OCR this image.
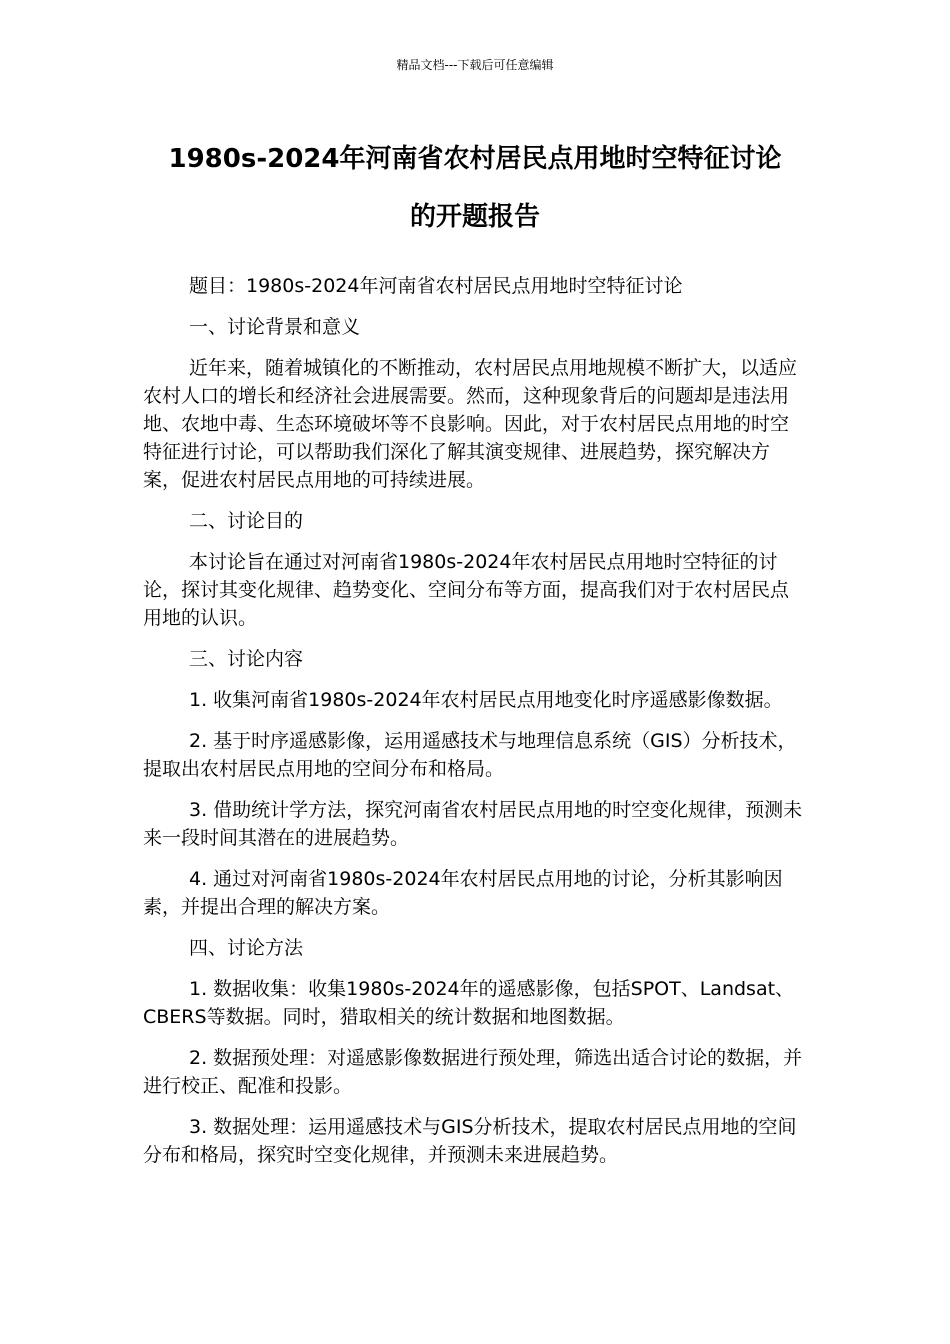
精品文档---下载后可任意编辑
1980s-2024年河南省农村居民点用地时空特征讨论
的开题报告

题目：1980s-2024年河南省农村居民点用地时空特征讨论

一、讨论背景和意义

近年来，随着城镇化的不断推动，农村居民点用地规模不断扩大，以适应农村人口的增长和经济社会进展需要。然而，这种现象背后的问题却是违法用地、农地中毒、生态环境破坏等不良影响。因此，对于农村居民点用地的时空特征进行讨论，可以帮助我们深化了解其演变规律、进展趋势，探究解决方案，促进农村居民点用地的可持续进展。

二、讨论目的

本讨论旨在通过对河南省1980s-2024年农村居民点用地时空特征的讨论，探讨其变化规律、趋势变化、空间分布等方面，提高我们对于农村居民点用地的认识。

三、讨论内容

1. 收集河南省1980s-2024年农村居民点用地变化时序遥感影像数据。

2. 基于时序遥感影像，运用遥感技术与地理信息系统（GIS）分析技术，提取出农村居民点用地的空间分布和格局。

3. 借助统计学方法，探究河南省农村居民点用地的时空变化规律，预测未来一段时间其潜在的进展趋势。

4. 通过对河南省1980s-2024年农村居民点用地的讨论，分析其影响因素，并提出合理的解决方案。

四、讨论方法

1. 数据收集：收集1980s-2024年的遥感影像，包括SPOT、Landsat、CBERS等数据。同时，猎取相关的统计数据和地图数据。

2. 数据预处理：对遥感影像数据进行预处理，筛选出适合讨论的数据，并进行校正、配准和投影。

3. 数据处理：运用遥感技术与GIS分析技术，提取农村居民点用地的空间分布和格局，探究时空变化规律，并预测未来进展趋势。
